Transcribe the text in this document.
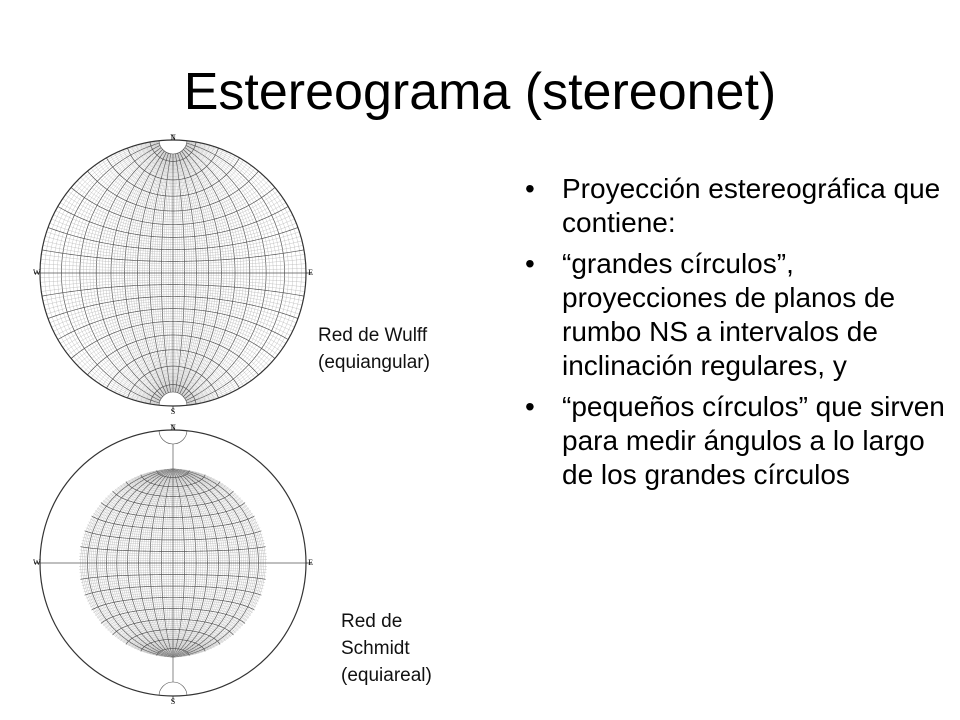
Estereograma (stereonet)
N
S
E
W
Red de Wulff
(equiangular)
N
S
E
W
Red de
Schmidt
(equiareal)
• Proyección estereográfica que contiene:
• “grandes círculos”, proyecciones de planos de rumbo NS a intervalos de inclinación regulares, y
• “pequeños círculos” que sirven para medir ángulos a lo largo de los grandes círculos
